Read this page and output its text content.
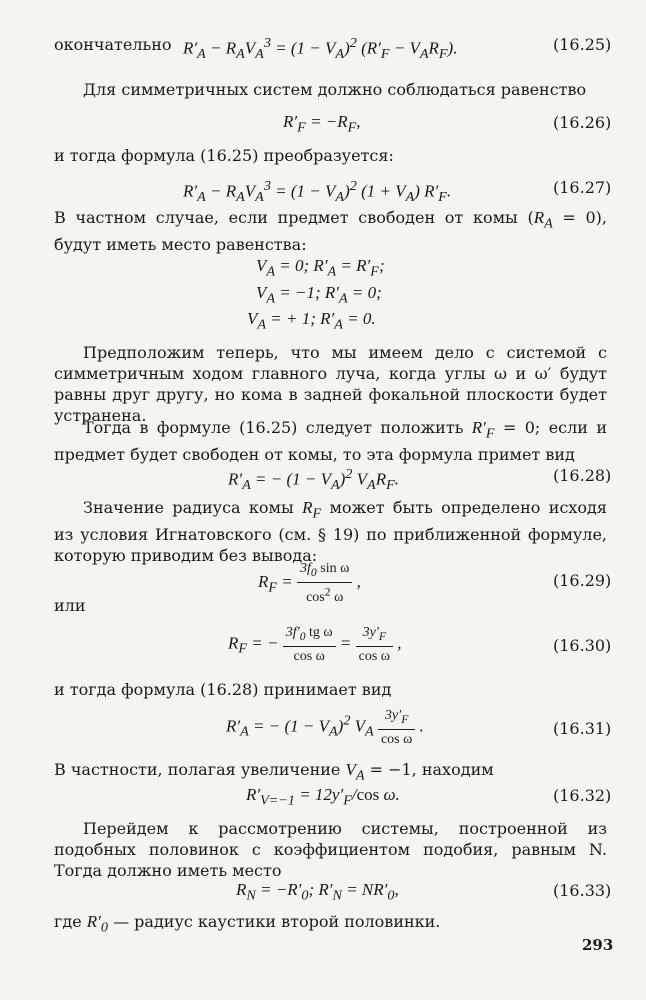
окончательно $R'_A - R_AV_A^3 = (1 - V_A)^2$ $(R'_F - V_AR_F)$.	(16.25)
Для симметричных систем должно соблюдаться равенство
$R'_F = -R_F$,	(16.26)
и тогда формула (16.25) преобразуется:
$R'_A - R_AV_A^3 = (1 - V_A)^2$ $(1 + V_A)$ $R'_F$.	(16.27)
В частном случае, если предмет свободен от комы $(R_A = 0)$, будут иметь место равенства:
$V_A = 0$; $R'_A = R'_F$;
$V_A = -1$; $R'_A = 0$;
$V_A$ = + 1; $R'_A = 0$.
Предположим теперь, что мы имеем дело с системой с симметричным ходом главного луча, когда углы ω и ω′ будут равны друг другу, но кома в задней фокальной плоскости будет устранена.
Тогда в формуле (16.25) следует положить $R'_F = 0$; если и предмет будет свободен от комы, то эта формула примет вид
$R'_A$ = − $(1 - V_A)^2$ $V_AR_F$.	(16.28)
Значение радиуса комы $R_F$ может быть определено исходя из условия Игнатовского (см. § 19) по приближенной формуле, которую приводим без вывода:
$R_F = \frac{3f_0 \sin \omega}{\cos^2 \omega}$ ,	(16.29)
или
$R_F$ = − $\frac{3f'_0 tg \omega}{\text{cos ω}} = \frac{3y'_F}{\text{cos ω}}$ ,	(16.30)
и тогда формула (16.28) принимает вид
$R'_A$ = − $(1 - V_A)^2$ $V_A \frac{3y'_F}{\text{cos ω}}$ .	(16.31)
В частности, полагая увеличение $V_A = -1$, находим
$R'_{V=-1} = 12y'_F/\cos$ ω.	(16.32)
Перейдем к рассмотрению системы, построенной из подобных половинок с коэффициентом подобия, равным N. Тогда должно иметь место
$R_N = -R'_0$; $R'_N = NR'_0$,	(16.33)
где $R'_0$ — радиус каустики второй половинки.
293
